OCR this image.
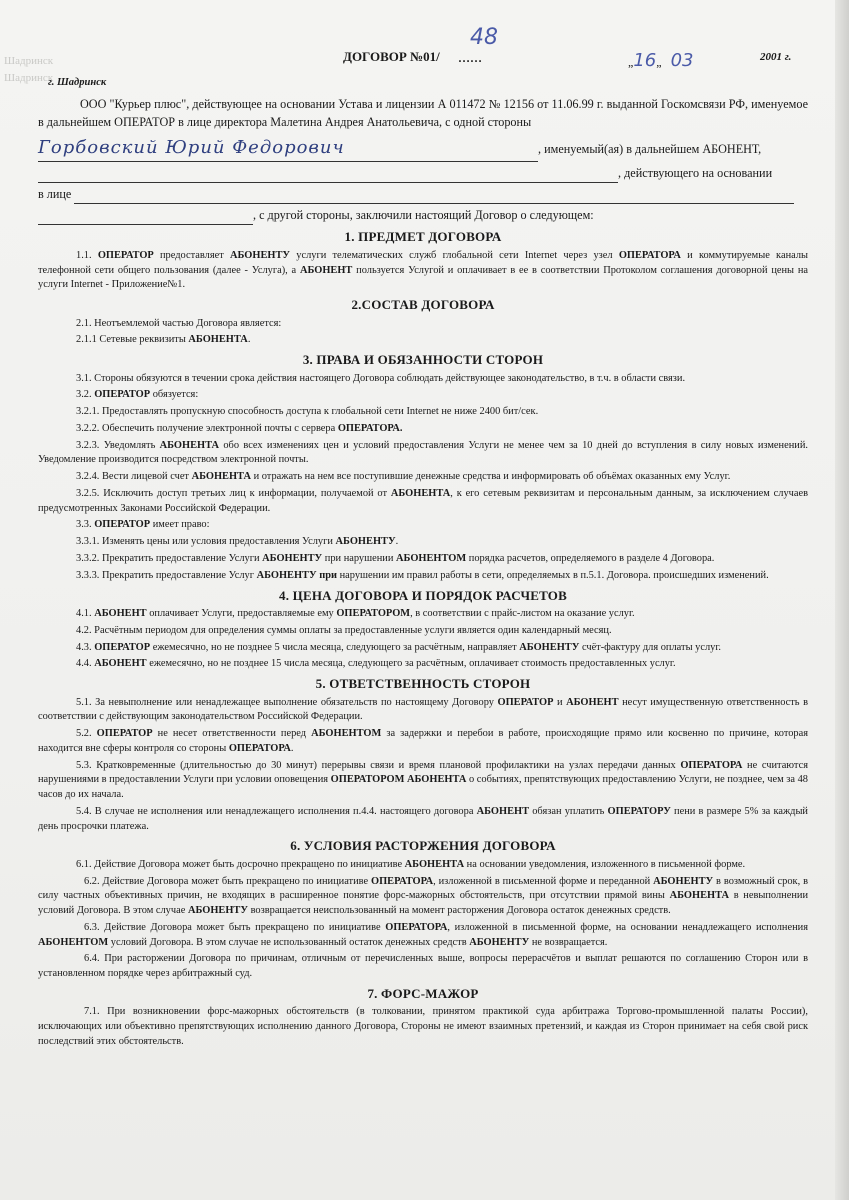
Шадринск
Шадринск
ДОГОВОР №01/ ……
48
„16„   03	2001 г.
г. Шадринск

ООО "Курьер плюс", действующее на основании Устава и лицензии А 011472 № 12156 от 11.06.99 г. выданной Госкомсвязи РФ, именуемое в дальнейшем ОПЕРАТОР в лице директора Малетина Андрея Анатольевича, с одной стороны

Горбовский Юрий Федорович	, именуемый(ая) в дальнейшем АБОНЕНТ,

, действующего на основании

в лице

, с другой стороны, заключили настоящий Договор о следующем:

1. ПРЕДМЕТ ДОГОВОРА

1.1. ОПЕРАТОР предоставляет АБОНЕНТУ услуги телематических служб глобальной сети Internet через узел ОПЕРАТОРА и коммутируемые каналы телефонной сети общего пользования (далее - Услуга), а АБОНЕНТ пользуется Услугой и оплачивает в ее в соответствии Протоколом соглашения договорной цены на услуги Internet - Приложение№1.

2.СОСТАВ ДОГОВОРА

2.1. Неотъемлемой частью Договора является:

2.1.1 Сетевые реквизиты АБОНЕНТА.

3. ПРАВА И ОБЯЗАННОСТИ СТОРОН

3.1. Стороны обязуются в течении срока действия настоящего Договора соблюдать действующее законодательство, в т.ч. в области связи.

3.2. ОПЕРАТОР обязуется:

3.2.1. Предоставлять пропускную способность доступа к глобальной сети Internet не ниже 2400 бит/сек.

3.2.2. Обеспечить получение электронной почты с сервера ОПЕРАТОРА.

3.2.3. Уведомлять АБОНЕНТА обо всех изменениях цен и условий предоставления Услуги не менее чем за 10 дней до вступления в силу новых изменений. Уведомление производится посредством электронной почты.

3.2.4. Вести лицевой счет АБОНЕНТА и отражать на нем все поступившие денежные средства и информировать об объёмах оказанных ему Услуг.

3.2.5. Исключить доступ третьих лиц к информации, получаемой от АБОНЕНТА, к его сетевым реквизитам и персональным данным, за исключением случаев предусмотренных Законами Российской Федерации.

3.3. ОПЕРАТОР имеет право:

3.3.1. Изменять цены или условия предоставления Услуги АБОНЕНТУ.

3.3.2. Прекратить предоставление Услуги АБОНЕНТУ при нарушении АБОНЕНТОМ порядка расчетов, определяемого в разделе 4 Договора.

3.3.3. Прекратить предоставление Услуг АБОНЕНТУ при нарушении им правил работы в сети, определяемых в п.5.1. Договора. происшедших изменений.

4. ЦЕНА ДОГОВОРА И ПОРЯДОК РАСЧЕТОВ

4.1. АБОНЕНТ оплачивает Услуги, предоставляемые ему ОПЕРАТОРОМ, в соответствии с прайс-листом на оказание услуг.

4.2. Расчётным периодом для определения суммы оплаты за предоставленные услуги является один календарный месяц.

4.3. ОПЕРАТОР ежемесячно, но не позднее 5 числа месяца, следующего за расчётным, направляет АБОНЕНТУ счёт-фактуру для оплаты услуг.

4.4. АБОНЕНТ ежемесячно, но не позднее 15 числа месяца, следующего за расчётным, оплачивает стоимость предоставленных услуг.

5. ОТВЕТСТВЕННОСТЬ СТОРОН

5.1. За невыполнение или ненадлежащее выполнение обязательств по настоящему Договору ОПЕРАТОР и АБОНЕНТ несут имущественную ответственность в соответствии с действующим законодательством Российской Федерации.

5.2. ОПЕРАТОР не несет ответственности перед АБОНЕНТОМ за задержки и перебои в работе, происходящие прямо или косвенно по причине, которая находится вне сферы контроля со стороны ОПЕРАТОРА.

5.3. Кратковременные (длительностью до 30 минут) перерывы связи и время плановой профилактики на узлах передачи данных ОПЕРАТОРА не считаются нарушениями в предоставлении Услуги при условии оповещения ОПЕРАТОРОМ АБОНЕНТА о событиях, препятствующих предоставлению Услуги, не позднее, чем за 48 часов до их начала.

5.4. В случае не исполнения или ненадлежащего исполнения п.4.4. настоящего договора АБОНЕНТ обязан уплатить ОПЕРАТОРУ пени в размере 5% за каждый день просрочки платежа.

6. УСЛОВИЯ РАСТОРЖЕНИЯ ДОГОВОРА

6.1. Действие Договора может быть досрочно прекращено по инициативе АБОНЕНТА на основании уведомления, изложенного в письменной форме.

6.2. Действие Договора может быть прекращено по инициативе ОПЕРАТОРА, изложенной в письменной форме и переданной АБОНЕНТУ в возможный срок, в силу частных объективных причин, не входящих в расширенное понятие форс-мажорных обстоятельств, при отсутствии прямой вины АБОНЕНТА в невыполнении условий Договора. В этом случае АБОНЕНТУ возвращается неиспользованный на момент расторжения Договора остаток денежных средств.

6.3. Действие Договора может быть прекращено по инициативе ОПЕРАТОРА, изложенной в письменной форме, на основании ненадлежащего исполнения АБОНЕНТОМ условий Договора. В этом случае не использованный остаток денежных средств АБОНЕНТУ не возвращается.

6.4. При расторжении Договора по причинам, отличным от перечисленных выше, вопросы перерасчётов и выплат решаются по соглашению Сторон или в установленном порядке через арбитражный суд.

7. ФОРС-МАЖОР

7.1. При возникновении форс-мажорных обстоятельств (в толковании, принятом практикой суда арбитража Торгово-промышленной палаты России), исключающих или объективно препятствующих исполнению данного Договора, Стороны не имеют взаимных претензий, и каждая из Сторон принимает на себя свой риск последствий этих обстоятельств.
